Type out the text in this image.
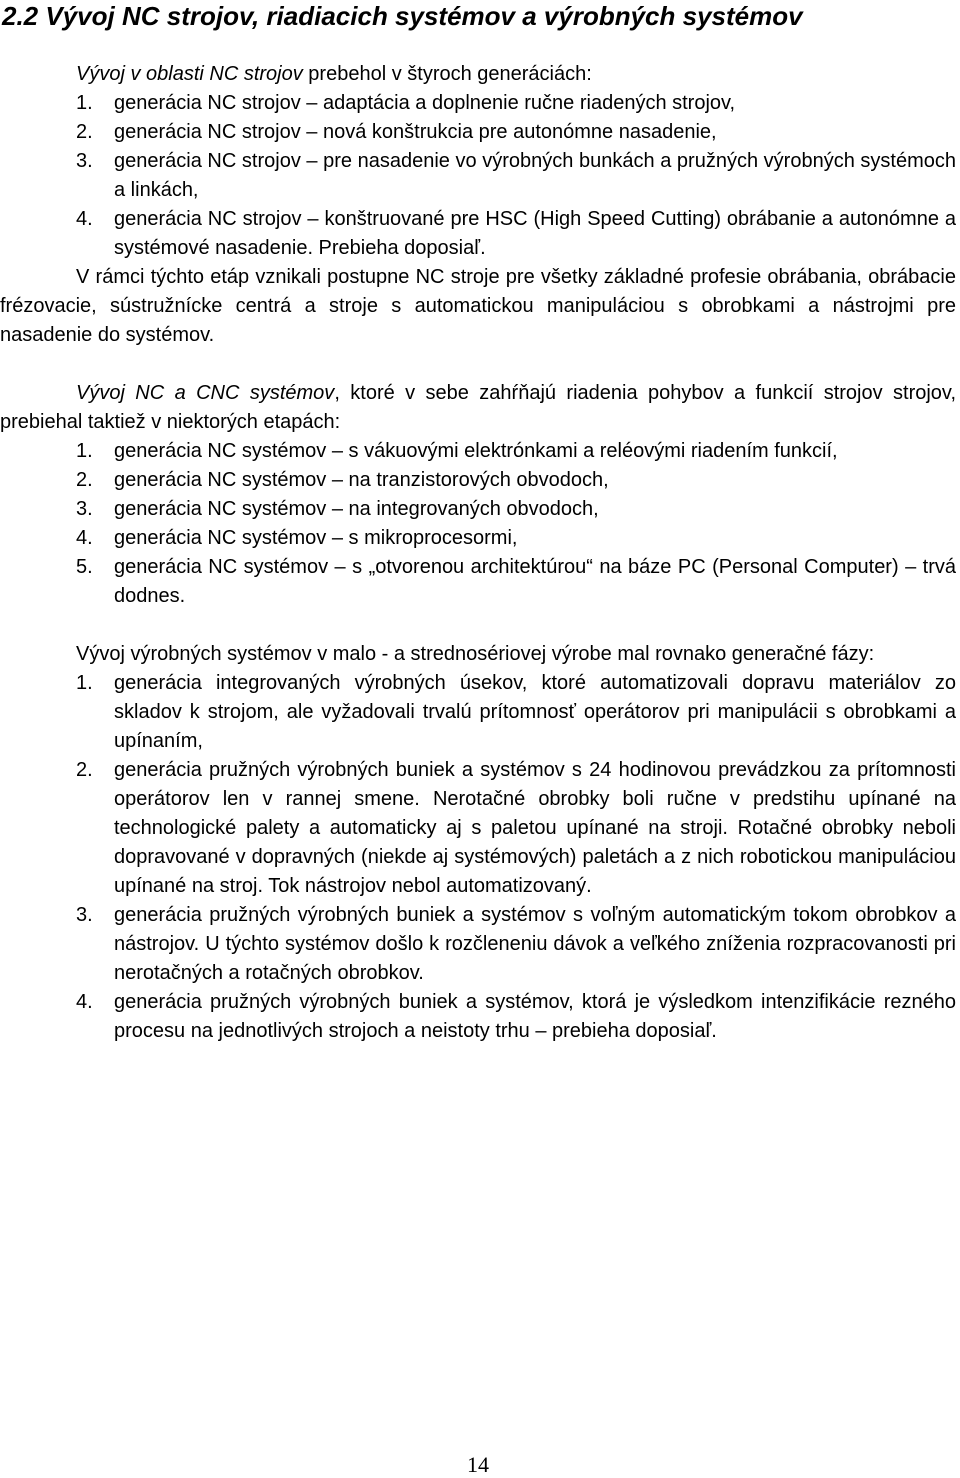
2.2 Vývoj NC strojov, riadiacich systémov a výrobných systémov

Vývoj v oblasti NC strojov prebehol v štyroch generáciách:

1. generácia NC strojov – adaptácia a doplnenie ručne riadených strojov,
2. generácia NC strojov – nová konštrukcia pre autonómne nasadenie,
3. generácia NC strojov – pre nasadenie vo výrobných bunkách a pružných výrobných systémoch a linkách,
4. generácia NC strojov – konštruované pre HSC (High Speed Cutting) obrábanie a autonómne a systémové nasadenie. Prebieha doposiaľ.

V rámci týchto etáp vznikali postupne NC stroje pre všetky základné profesie obrábania, obrábacie frézovacie, sústružnícke centrá a stroje s automatickou manipuláciou s obrobkami a nástrojmi pre nasadenie do systémov.

Vývoj NC a CNC systémov, ktoré v sebe zahŕňajú riadenia pohybov a funkcií strojov strojov, prebiehal taktiež v niektorých etapách:

1. generácia NC systémov – s vákuovými elektrónkami a reléovými riadením funkcií,
2. generácia NC systémov – na tranzistorových obvodoch,
3. generácia NC systémov – na integrovaných obvodoch,
4. generácia NC systémov – s mikroprocesormi,
5. generácia NC systémov – s „otvorenou architektúrou“ na báze PC (Personal Computer) – trvá dodnes.

Vývoj výrobných systémov v malo - a strednosériovej výrobe mal rovnako generačné fázy:

1. generácia integrovaných výrobných úsekov, ktoré automatizovali dopravu materiálov zo skladov k strojom, ale vyžadovali trvalú prítomnosť operátorov pri manipulácii s obrobkami a upínaním,
2. generácia pružných výrobných buniek a systémov s 24 hodinovou prevádzkou za prítomnosti operátorov len v rannej smene. Nerotačné obrobky boli ručne v predstihu upínané na technologické palety a automaticky aj s paletou upínané na stroji. Rotačné obrobky neboli dopravované v dopravných (niekde aj systémových) paletách a z nich robotickou manipuláciou upínané na stroj. Tok nástrojov nebol automatizovaný.
3. generácia pružných výrobných buniek a systémov s voľným automatickým tokom obrobkov a nástrojov. U týchto systémov došlo k rozčleneniu dávok a veľkého zníženia rozpracovanosti pri nerotačných a rotačných obrobkov.
4. generácia pružných výrobných buniek a systémov, ktorá je výsledkom intenzifikácie rezného procesu na jednotlivých strojoch a neistoty trhu – prebieha doposiaľ.
14
